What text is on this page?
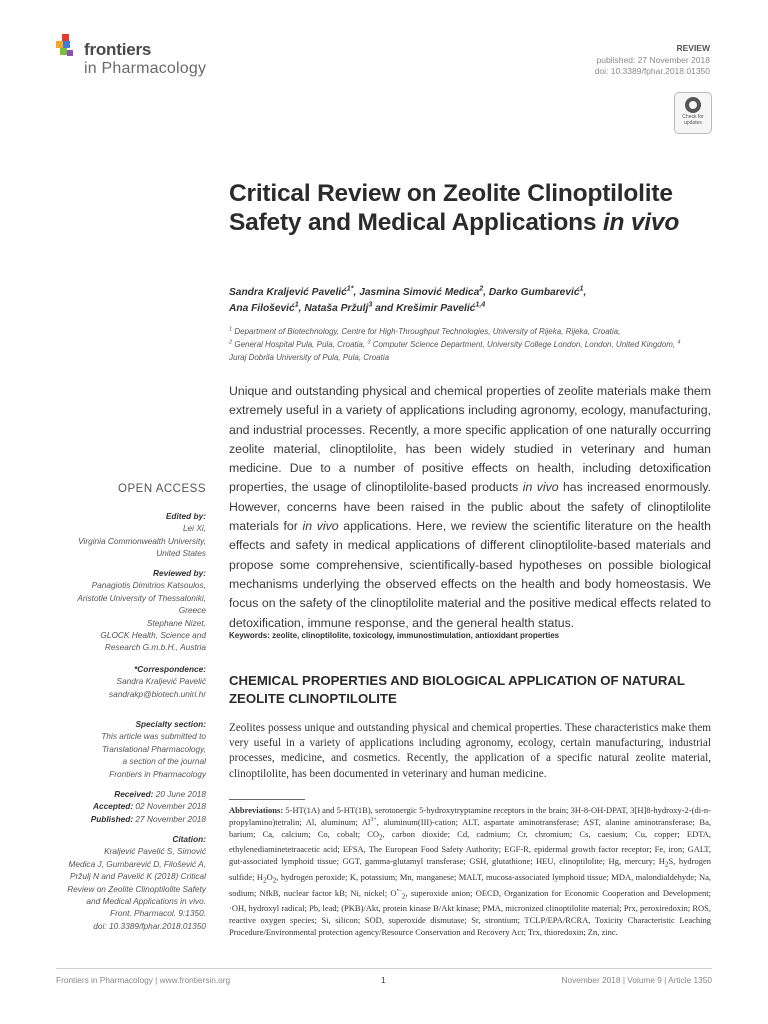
frontiers
in Pharmacology
REVIEW
published: 27 November 2018
doi: 10.3389/fphar.2018.01350
Check for updates
Critical Review on Zeolite Clinoptilolite Safety and Medical Applications in vivo
Sandra Kraljević Pavelić$^{1*}$, Jasmina Simović Medica$^2$, Darko Gumbarević$^1$,
Ana Filošević$^1$, Nataša Pržulj$^3$ and Krešimir Pavelić$^{1,4}$
$^1$ Department of Biotechnology, Centre for High-Throughput Technologies, University of Rijeka, Rijeka, Croatia,
$^2$ General Hospital Pula, Pula, Croatia, $^3$ Computer Science Department, University College London, London, United Kingdom, $^4$ Juraj Dobrila University of Pula, Pula, Croatia
Unique and outstanding physical and chemical properties of zeolite materials make them extremely useful in a variety of applications including agronomy, ecology, manufacturing, and industrial processes. Recently, a more specific application of one naturally occurring zeolite material, clinoptilolite, has been widely studied in veterinary and human medicine. Due to a number of positive effects on health, including detoxification properties, the usage of clinoptilolite-based products in vivo has increased enormously. However, concerns have been raised in the public about the safety of clinoptilolite materials for in vivo applications. Here, we review the scientific literature on the health effects and safety in medical applications of different clinoptilolite-based materials and propose some comprehensive, scientifically-based hypotheses on possible biological mechanisms underlying the observed effects on the health and body homeostasis. We focus on the safety of the clinoptilolite material and the positive medical effects related to detoxification, immune response, and the general health status.
Keywords: zeolite, clinoptilolite, toxicology, immunostimulation, antioxidant properties
CHEMICAL PROPERTIES AND BIOLOGICAL APPLICATION OF NATURAL ZEOLITE CLINOPTILOLITE
Zeolites possess unique and outstanding physical and chemical properties. These characteristics make them very useful in a variety of applications including agronomy, ecology, certain manufacturing, industrial processes, medicine, and cosmetics. Recently, the application of a specific natural zeolite material, clinoptilolite, has been documented in veterinary and human medicine.
Abbreviations: 5-HT(1A) and 5-HT(1B), serotonergic 5-hydroxytryptamine receptors in the brain; 3H-8-OH-DPAT, 3[H]8-hydroxy-2-(di-n-propylamino)tetralin; Al, aluminum; $Al^{3+}$, aluminum(III)-cation; ALT, aspartate aminotransferase; AST, alanine aminotransferase; Ba, barium; Ca, calcium; Co, cobalt; $CO_2$, carbon dioxide; Cd, cadmium; Cr, chromium; Cs, caesium; Cu, copper; EDTA, ethylenediaminetetraacetic acid; EFSA, The European Food Safety Authority; EGF-R, epidermal growth factor receptor; Fe, iron; GALT, gut-associated lymphoid tissue; GGT, gamma-glutamyl transferase; GSH, glutathione; HEU, clinoptilolite; Hg, mercury; $H_2S$, hydrogen sulfide; $H_2O_2$, hydrogen peroxide; K, potassium; Mn, manganese; MALT, mucosa-associated lymphoid tissue; MDA, malondialdehyde; Na, sodium; NfkB, nuclear factor kB; Ni, nickel; $O^{•-}_2$, superoxide anion; OECD, Organization for Economic Cooperation and Development; ·OH, hydroxyl radical; Pb, lead; (PKB)/Akt, protein kinase B/Akt kinase; PMA, micronized clinoptilolite material; Prx, peroxiredoxin; ROS, reactive oxygen species; Si, silicon; SOD, superoxide dismutase; Sr, strontium; TCLP/EPA/RCRA, Toxicity Characteristic Leaching Procedure/Environmental protection agency/Resource Conservation and Recovery Act; Trx, thioredoxin; Zn, zinc.
OPEN ACCESS
Edited by:
Lei Xi,
Virginia Commonwealth University,
United States
Reviewed by:
Panagiotis Dimitrios Katsoulos,
Aristotle University of Thessaloniki,
Greece
Stephane Nizet,
GLOCK Health, Science and
Research G.m.b.H., Austria
*Correspondence:
Sandra Kraljević Pavelić
sandrakp@biotech.uniri.hr
Specialty section:
This article was submitted to
Translational Pharmacology,
a section of the journal
Frontiers in Pharmacology
Received: 20 June 2018
Accepted: 02 November 2018
Published: 27 November 2018
Citation:
Kraljević Pavelić S, Simović
Medica J, Gumbarević D, Filošević A,
Pržulj N and Pavelić K (2018) Critical
Review on Zeolite Clinoptilolite Safety
and Medical Applications in vivo.
Front. Pharmacol. 9:1350.
doi: 10.3389/fphar.2018.01350
Frontiers in Pharmacology | www.frontiersin.org	1	November 2018 | Volume 9 | Article 1350
